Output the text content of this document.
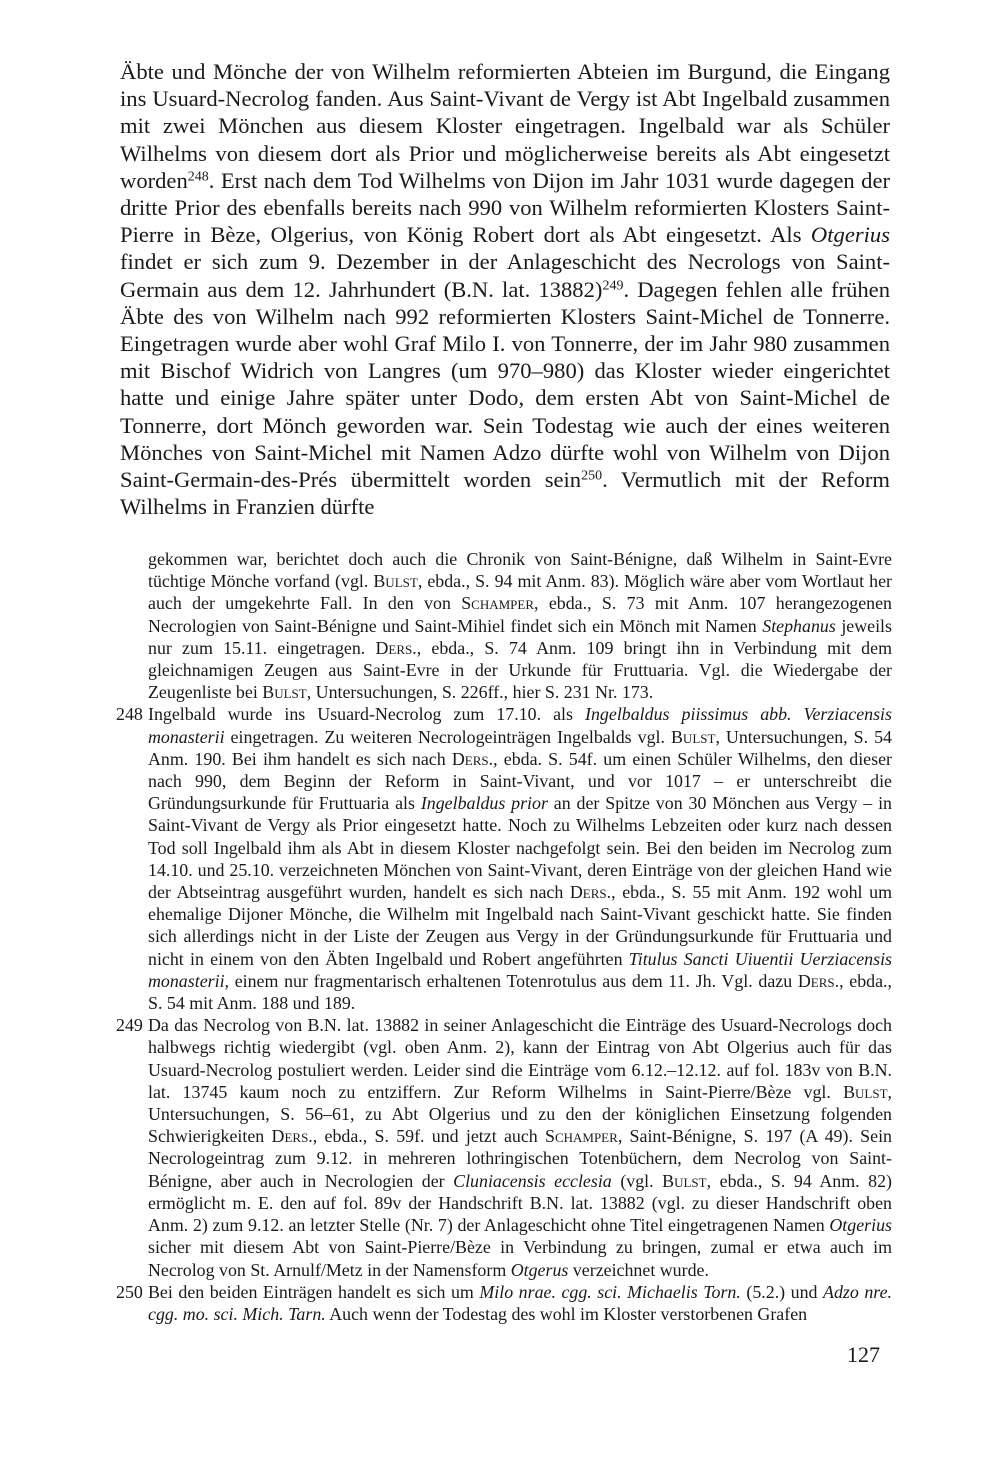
Äbte und Mönche der von Wilhelm reformierten Abteien im Burgund, die Eingang ins Usuard-Necrolog fanden. Aus Saint-Vivant de Vergy ist Abt Ingelbald zusammen mit zwei Mönchen aus diesem Kloster eingetragen. Ingelbald war als Schüler Wilhelms von diesem dort als Prior und möglicherweise bereits als Abt eingesetzt worden$^{248}$. Erst nach dem Tod Wilhelms von Dijon im Jahr 1031 wurde dagegen der dritte Prior des ebenfalls bereits nach 990 von Wilhelm reformierten Klosters Saint-Pierre in Bèze, Olgerius, von König Robert dort als Abt eingesetzt. Als Otgerius findet er sich zum 9. Dezember in der Anlageschicht des Necrologs von Saint-Germain aus dem 12. Jahrhundert (B.N. lat. 13882)$^{249}$. Dagegen fehlen alle frühen Äbte des von Wilhelm nach 992 reformierten Klosters Saint-Michel de Tonnerre. Eingetragen wurde aber wohl Graf Milo I. von Tonnerre, der im Jahr 980 zusammen mit Bischof Widrich von Langres (um 970–980) das Kloster wieder eingerichtet hatte und einige Jahre später unter Dodo, dem ersten Abt von Saint-Michel de Tonnerre, dort Mönch geworden war. Sein Todestag wie auch der eines weiteren Mönches von Saint-Michel mit Namen Adzo dürfte wohl von Wilhelm von Dijon Saint-Germain-des-Prés übermittelt worden sein$^{250}$. Vermutlich mit der Reform Wilhelms in Franzien dürfte

gekommen war, berichtet doch auch die Chronik von Saint-Bénigne, daß Wilhelm in Saint-Evre tüchtige Mönche vorfand (vgl. Bulst, ebda., S. 94 mit Anm. 83). Möglich wäre aber vom Wortlaut her auch der umgekehrte Fall. In den von Schamper, ebda., S. 73 mit Anm. 107 herangezogenen Necrologien von Saint-Bénigne und Saint-Mihiel findet sich ein Mönch mit Namen Stephanus jeweils nur zum 15.11. eingetragen. Ders., ebda., S. 74 Anm. 109 bringt ihn in Verbindung mit dem gleichnamigen Zeugen aus Saint-Evre in der Urkunde für Fruttuaria. Vgl. die Wiedergabe der Zeugenliste bei Bulst, Untersuchungen, S. 226ff., hier S. 231 Nr. 173.

248 Ingelbald wurde ins Usuard-Necrolog zum 17.10. als Ingelbaldus piissimus abb. Verziacensis monasterii eingetragen. Zu weiteren Necrologeinträgen Ingelbalds vgl. Bulst, Untersuchungen, S. 54 Anm. 190. Bei ihm handelt es sich nach Ders., ebda. S. 54f. um einen Schüler Wilhelms, den dieser nach 990, dem Beginn der Reform in Saint-Vivant, und vor 1017 – er unterschreibt die Gründungsurkunde für Fruttuaria als Ingelbaldus prior an der Spitze von 30 Mönchen aus Vergy – in Saint-Vivant de Vergy als Prior eingesetzt hatte. Noch zu Wilhelms Lebzeiten oder kurz nach dessen Tod soll Ingelbald ihm als Abt in diesem Kloster nachgefolgt sein. Bei den beiden im Necrolog zum 14.10. und 25.10. verzeichneten Mönchen von Saint-Vivant, deren Einträge von der gleichen Hand wie der Abtseintrag ausgeführt wurden, handelt es sich nach Ders., ebda., S. 55 mit Anm. 192 wohl um ehemalige Dijoner Mönche, die Wilhelm mit Ingelbald nach Saint-Vivant geschickt hatte. Sie finden sich allerdings nicht in der Liste der Zeugen aus Vergy in der Gründungsurkunde für Fruttuaria und nicht in einem von den Äbten Ingelbald und Robert angeführten Titulus Sancti Uiuentii Uerziacensis monasterii, einem nur fragmentarisch erhaltenen Totenrotulus aus dem 11. Jh. Vgl. dazu Ders., ebda., S. 54 mit Anm. 188 und 189.

249 Da das Necrolog von B.N. lat. 13882 in seiner Anlageschicht die Einträge des Usuard-Necrologs doch halbwegs richtig wiedergibt (vgl. oben Anm. 2), kann der Eintrag von Abt Olgerius auch für das Usuard-Necrolog postuliert werden. Leider sind die Einträge vom 6.12.–12.12. auf fol. 183v von B.N. lat. 13745 kaum noch zu entziffern. Zur Reform Wilhelms in Saint-Pierre/Bèze vgl. Bulst, Untersuchungen, S. 56–61, zu Abt Olgerius und zu den der königlichen Einsetzung folgenden Schwierigkeiten Ders., ebda., S. 59f. und jetzt auch Schamper, Saint-Bénigne, S. 197 (A 49). Sein Necrologeintrag zum 9.12. in mehreren lothringischen Totenbüchern, dem Necrolog von Saint-Bénigne, aber auch in Necrologien der Cluniacensis ecclesia (vgl. Bulst, ebda., S. 94 Anm. 82) ermöglicht m. E. den auf fol. 89v der Handschrift B.N. lat. 13882 (vgl. zu dieser Handschrift oben Anm. 2) zum 9.12. an letzter Stelle (Nr. 7) der Anlageschicht ohne Titel eingetragenen Namen Otgerius sicher mit diesem Abt von Saint-Pierre/Bèze in Verbindung zu bringen, zumal er etwa auch im Necrolog von St. Arnulf/Metz in der Namensform Otgerus verzeichnet wurde.

250 Bei den beiden Einträgen handelt es sich um Milo nrae. cgg. sci. Michaelis Torn. (5.2.) und Adzo nre. cgg. mo. sci. Mich. Tarn. Auch wenn der Todestag des wohl im Kloster verstorbenen Grafen

127
